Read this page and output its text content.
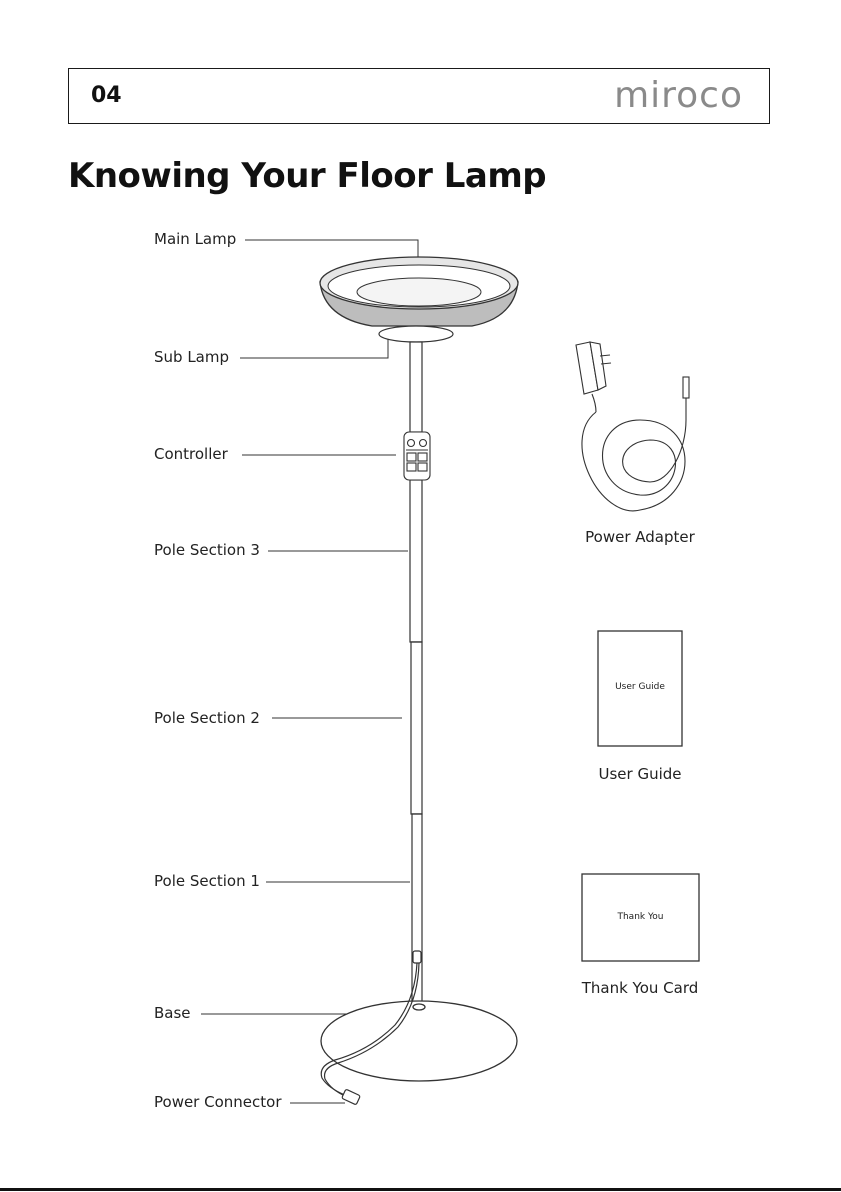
04	miroco
Knowing Your Floor Lamp
Main Lamp
Sub Lamp
Controller
Pole Section 3
Pole Section 2
Pole Section 1
Base
Power Connector
Power Adapter
User Guide
User Guide
Thank You
Thank You Card
